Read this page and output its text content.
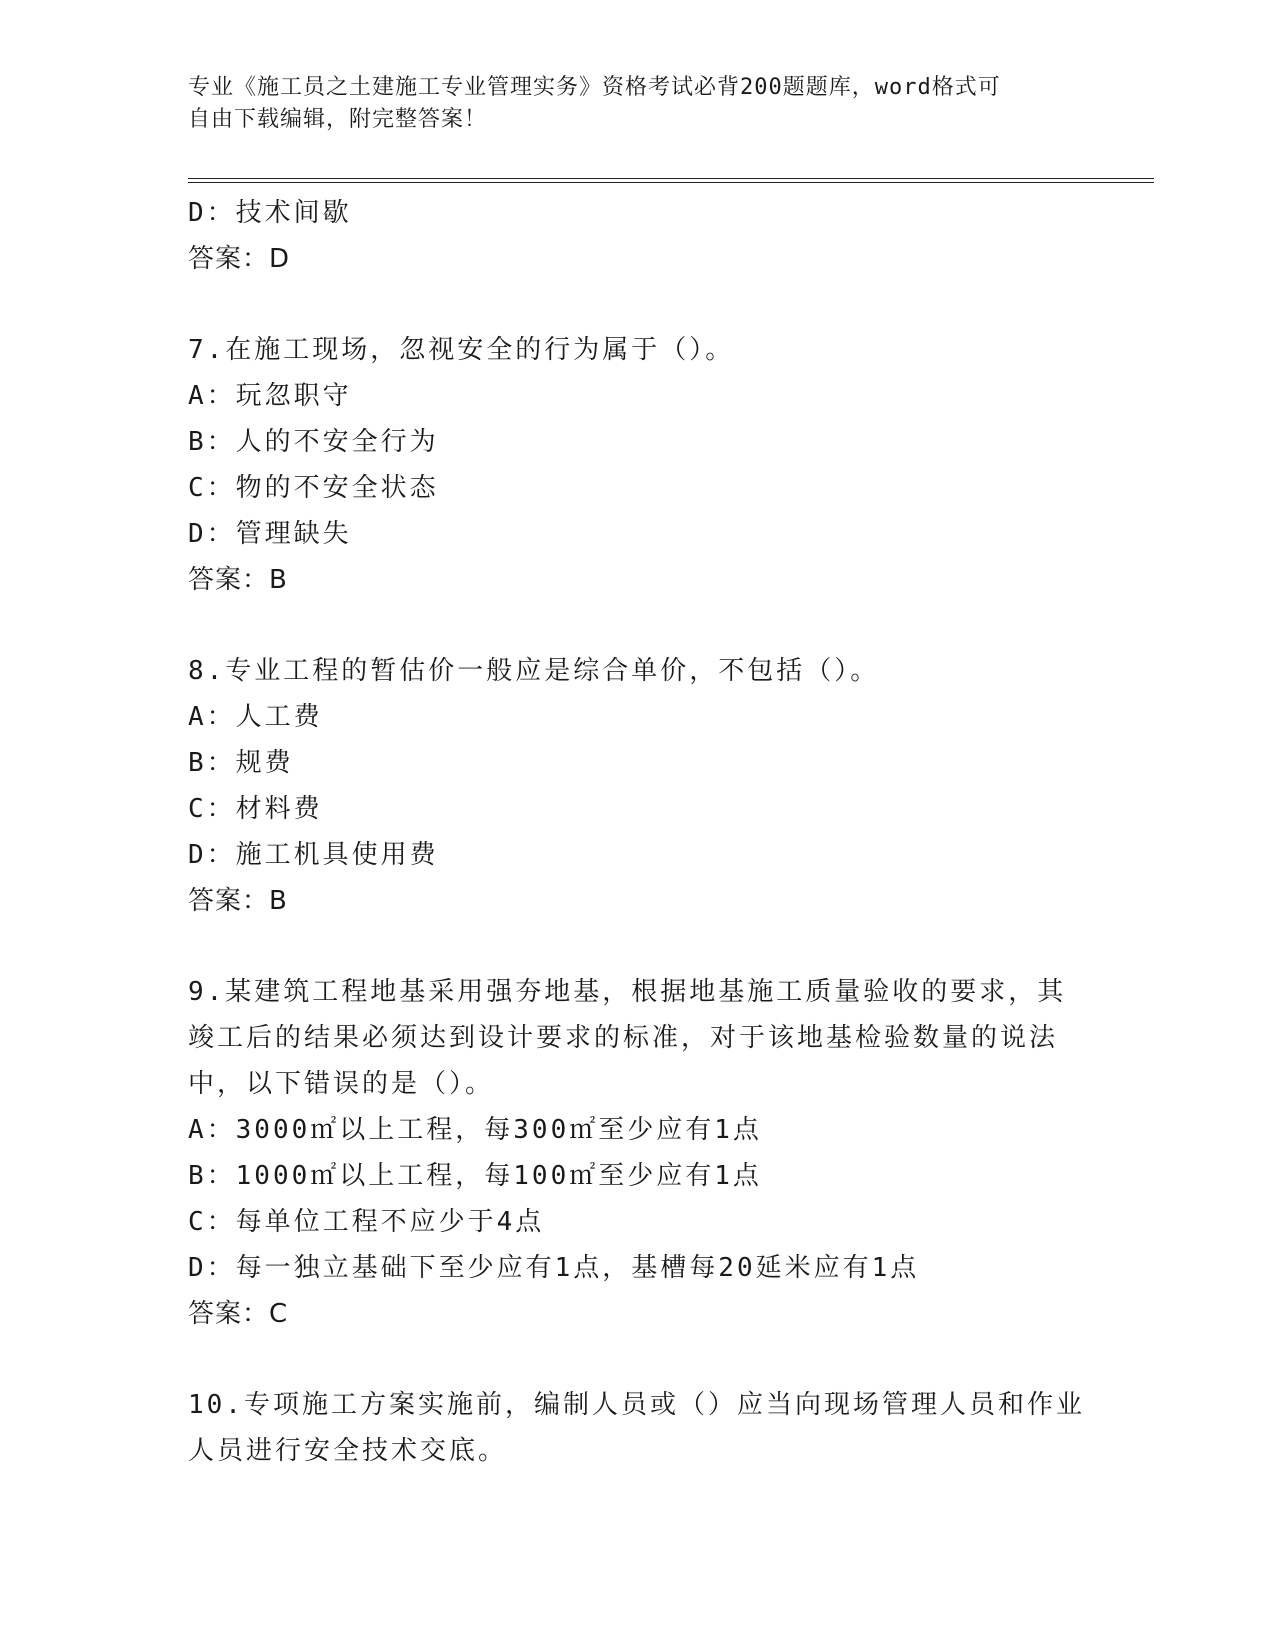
专业《施工员之土建施工专业管理实务》资格考试必背200题题库，word格式可
自由下载编辑，附完整答案！
D：技术间歇
答案：D
7.在施工现场，忽视安全的行为属于（）。
A：玩忽职守
B：人的不安全行为
C：物的不安全状态
D：管理缺失
答案：B
8.专业工程的暂估价一般应是综合单价，不包括（）。
A：人工费
B：规费
C：材料费
D：施工机具使用费
答案：B
9.某建筑工程地基采用强夯地基，根据地基施工质量验收的要求，其
竣工后的结果必须达到设计要求的标准，对于该地基检验数量的说法
中，以下错误的是（）。
A：3000㎡以上工程，每300㎡至少应有1点
B：1000㎡以上工程，每100㎡至少应有1点
C：每单位工程不应少于4点
D：每一独立基础下至少应有1点，基槽每20延米应有1点
答案：C
10.专项施工方案实施前，编制人员或（）应当向现场管理人员和作业
人员进行安全技术交底。
